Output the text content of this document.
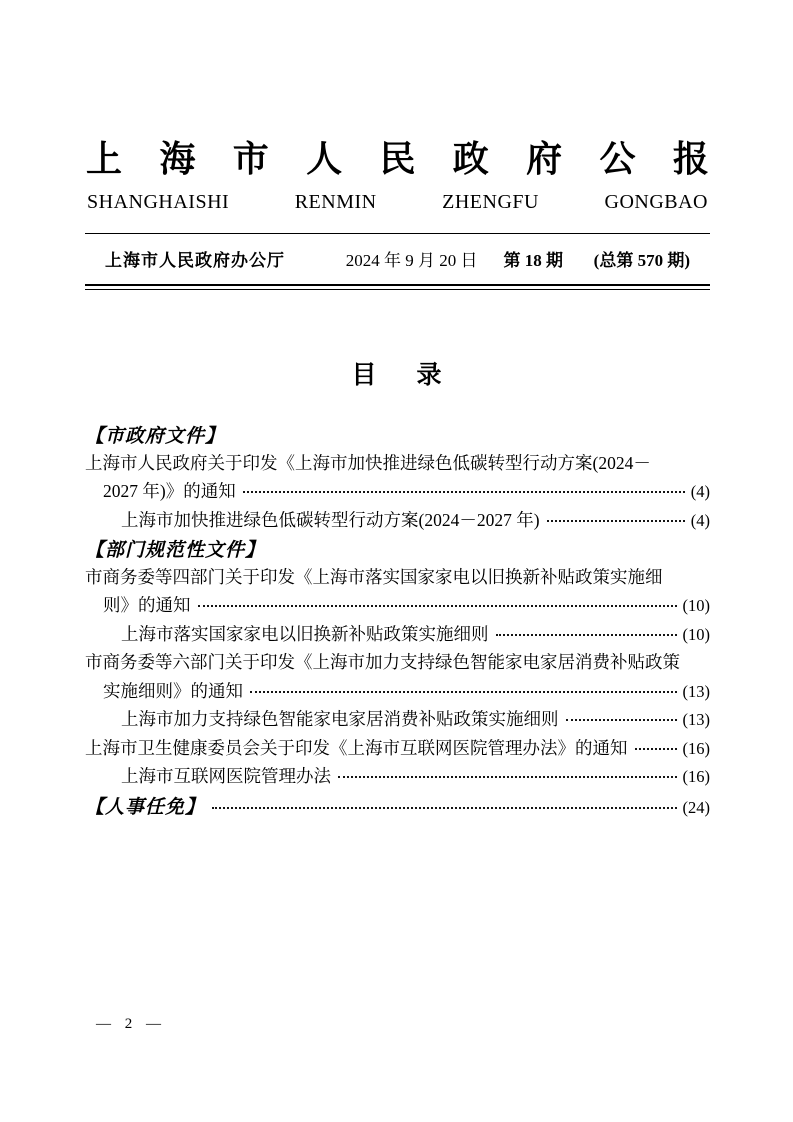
上 海 市 人 民 政 府 公 报
SHANGHAISHI	RENMIN	ZHENGFU	GONGBAO
上海市人民政府办公厅	2024 年 9 月 20 日 第 18 期 (总第 570 期)
目 录
【市政府文件】
上海市人民政府关于印发《上海市加快推进绿色低碳转型行动方案(2024－
2027 年)》的通知	(4)
上海市加快推进绿色低碳转型行动方案(2024－2027 年)	(4)
【部门规范性文件】
市商务委等四部门关于印发《上海市落实国家家电以旧换新补贴政策实施细
则》的通知	(10)
上海市落实国家家电以旧换新补贴政策实施细则	(10)
市商务委等六部门关于印发《上海市加力支持绿色智能家电家居消费补贴政策
实施细则》的通知	(13)
上海市加力支持绿色智能家电家居消费补贴政策实施细则	(13)
上海市卫生健康委员会关于印发《上海市互联网医院管理办法》的通知	(16)
上海市互联网医院管理办法	(16)
【人事任免】	(24)
— 2 —
